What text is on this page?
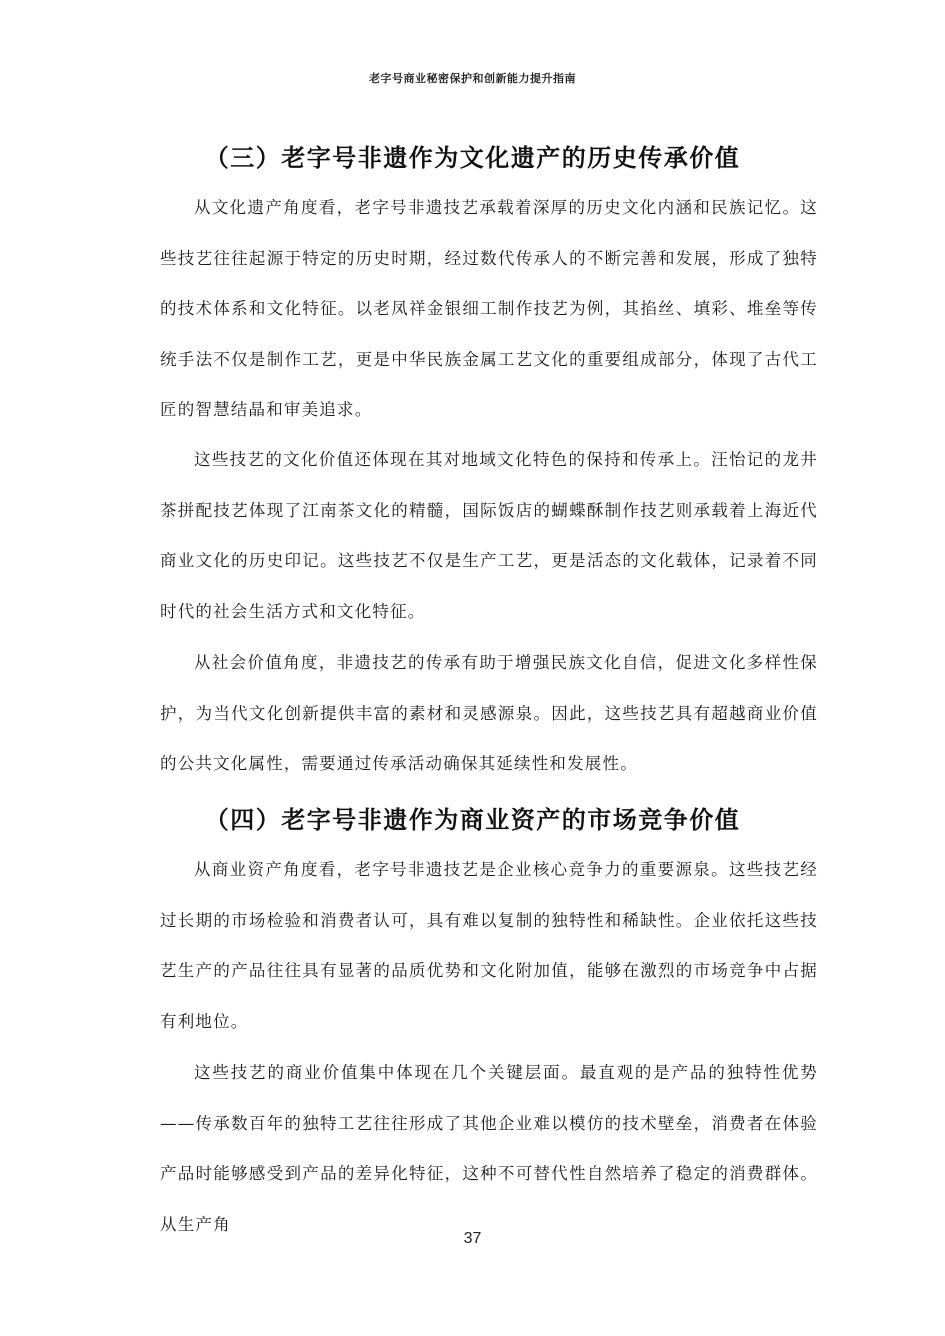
老字号商业秘密保护和创新能力提升指南
（三）老字号非遗作为文化遗产的历史传承价值

从文化遗产角度看，老字号非遗技艺承载着深厚的历史文化内涵和民族记忆。这些技艺往往起源于特定的历史时期，经过数代传承人的不断完善和发展，形成了独特的技术体系和文化特征。以老凤祥金银细工制作技艺为例，其掐丝、填彩、堆垒等传统手法不仅是制作工艺，更是中华民族金属工艺文化的重要组成部分，体现了古代工匠的智慧结晶和审美追求。

这些技艺的文化价值还体现在其对地域文化特色的保持和传承上。汪怡记的龙井茶拼配技艺体现了江南茶文化的精髓，国际饭店的蝴蝶酥制作技艺则承载着上海近代商业文化的历史印记。这些技艺不仅是生产工艺，更是活态的文化载体，记录着不同时代的社会生活方式和文化特征。

从社会价值角度，非遗技艺的传承有助于增强民族文化自信，促进文化多样性保护，为当代文化创新提供丰富的素材和灵感源泉。因此，这些技艺具有超越商业价值的公共文化属性，需要通过传承活动确保其延续性和发展性。

（四）老字号非遗作为商业资产的市场竞争价值

从商业资产角度看，老字号非遗技艺是企业核心竞争力的重要源泉。这些技艺经过长期的市场检验和消费者认可，具有难以复制的独特性和稀缺性。企业依托这些技艺生产的产品往往具有显著的品质优势和文化附加值，能够在激烈的市场竞争中占据有利地位。

这些技艺的商业价值集中体现在几个关键层面。最直观的是产品的独特性优势——传承数百年的独特工艺往往形成了其他企业难以模仿的技术壁垒，消费者在体验产品时能够感受到产品的差异化特征，这种不可替代性自然培养了稳定的消费群体。从生产角

37
